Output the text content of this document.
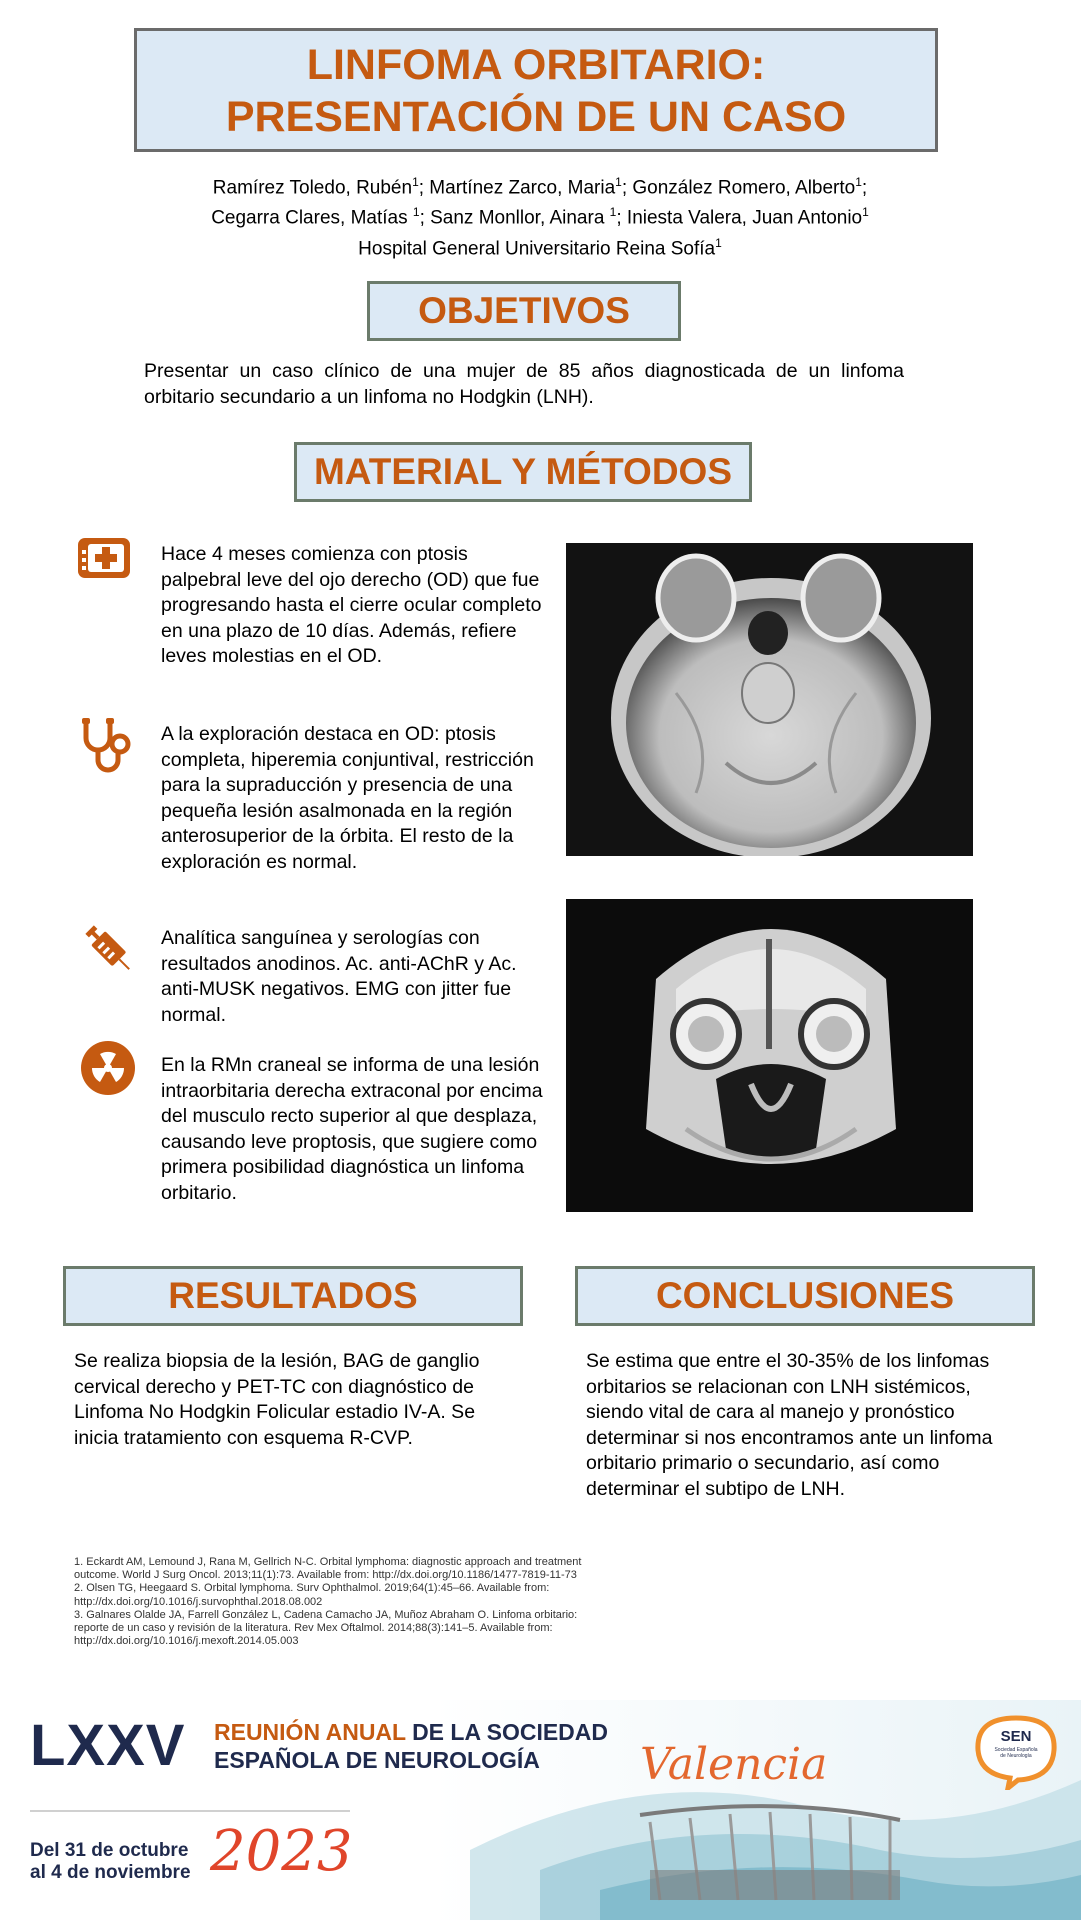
LINFOMA ORBITARIO:
PRESENTACIÓN DE UN CASO
Ramírez Toledo, Rubén$^1$; Martínez Zarco, Maria$^1$; González Romero, Alberto$^1$;
Cegarra Clares, Matías $^1$; Sanz Monllor, Ainara $^1$; Iniesta Valera, Juan Antonio$^1$
Hospital General Universitario Reina Sofía$^1$
OBJETIVOS
Presentar un caso clínico de una mujer de 85 años diagnosticada de un linfoma orbitario secundario a un linfoma no Hodgkin (LNH).
MATERIAL Y MÉTODOS
Hace 4 meses comienza con ptosis palpebral leve del ojo derecho (OD) que fue progresando hasta el cierre ocular completo en una plazo de 10 días. Además, refiere leves molestias en el OD.
A la exploración destaca en OD: ptosis completa, hiperemia conjuntival, restricción para la supraducción y presencia de una pequeña lesión asalmonada en la región anterosuperior de la órbita. El resto de la exploración es normal.
Analítica sanguínea y serologías con resultados anodinos. Ac. anti-AChR y Ac. anti-MUSK negativos. EMG con jitter fue normal.
En la RMn craneal se informa de una lesión intraorbitaria derecha extraconal por encima del musculo recto superior al que desplaza, causando leve proptosis, que sugiere como primera posibilidad diagnóstica un linfoma orbitario.
RESULTADOS
Se realiza biopsia de la lesión, BAG de ganglio cervical derecho y PET-TC con diagnóstico de Linfoma No Hodgkin Folicular estadio IV-A. Se inicia tratamiento con esquema R-CVP.
CONCLUSIONES
Se estima que entre el 30-35% de los linfomas orbitarios se relacionan con LNH sistémicos, siendo vital de cara al manejo y pronóstico determinar si nos encontramos ante un linfoma orbitario primario o secundario, así como determinar el subtipo de LNH.
1. Eckardt AM, Lemound J, Rana M, Gellrich N-C. Orbital lymphoma: diagnostic approach and treatment outcome. World J Surg Oncol. 2013;11(1):73. Available from: http://dx.doi.org/10.1186/1477-7819-11-73
2. Olsen TG, Heegaard S. Orbital lymphoma. Surv Ophthalmol. 2019;64(1):45–66. Available from: http://dx.doi.org/10.1016/j.survophthal.2018.08.002
3. Galnares Olalde JA, Farrell González L, Cadena Camacho JA, Muñoz Abraham O. Linfoma orbitario: reporte de un caso y revisión de la literatura. Rev Mex Oftalmol. 2014;88(3):141–5. Available from: http://dx.doi.org/10.1016/j.mexoft.2014.05.003
LXXV REUNIÓN ANUAL DE LA SOCIEDAD
ESPAÑOLA DE NEUROLOGÍA
Del 31 de octubre
al 4 de noviembre 2023
Valencia
SEN
Sociedad Española
de Neurología
